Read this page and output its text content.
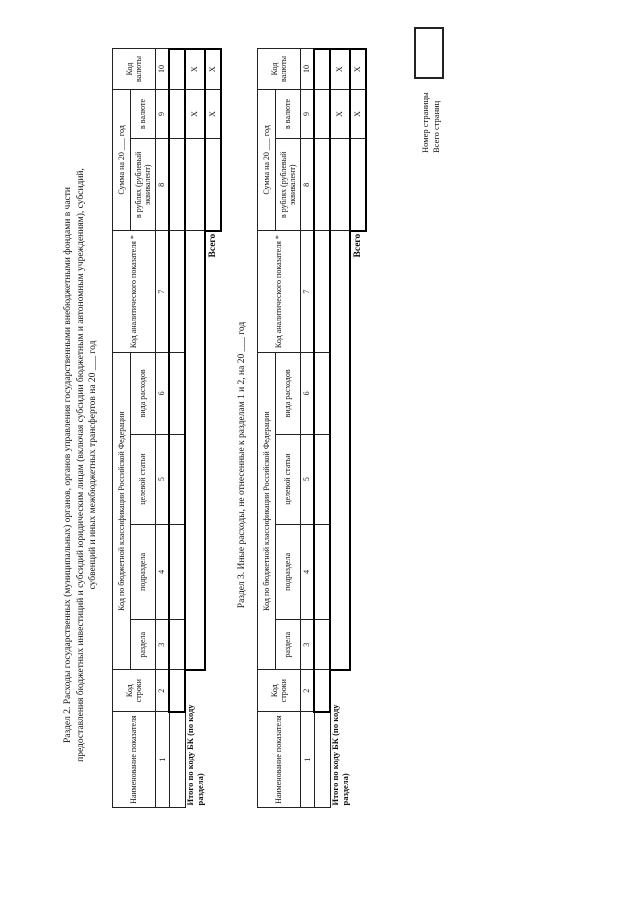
Раздел 2. Расходы государственных (муниципальных) органов, органов управления государственными внебюджетными фондами в части предоставления бюджетных инвестиций и субсидий юридическим лицам (включая субсидии бюджетным и автономным учреждениям), субсидий, субвенций и иных межбюджетных трансфертов на 20 ___ год
Наименование показателя	Код строки	Код по бюджетной классификации Российской Федерации				Код аналитического показателя *	Сумма на 20 ___ год		Код валюты
		раздела	подраздела	целевой статьи	вида расходов		в рублях (рублевый эквивалент)	в валюте	
1	2	3	4	5	6	7	8	9	10

Итого по коду БК (по коду раздела)								X	X
						Всего		X	X
Раздел 3. Иные расходы, не отнесенные к разделам 1 и 2, на 20 ___ год
Наименование показателя	Код строки	Код по бюджетной классификации Российской Федерации				Код аналитического показателя *	Сумма на 20 ___ год		Код валюты
		раздела	подраздела	целевой статьи	вида расходов		в рублях (рублевый эквивалент)	в валюте	
1	2	3	4	5	6	7	8	9	10

Итого по коду БК (по коду раздела)								X	X
						Всего		X	X
Номер страницы Всего страниц
